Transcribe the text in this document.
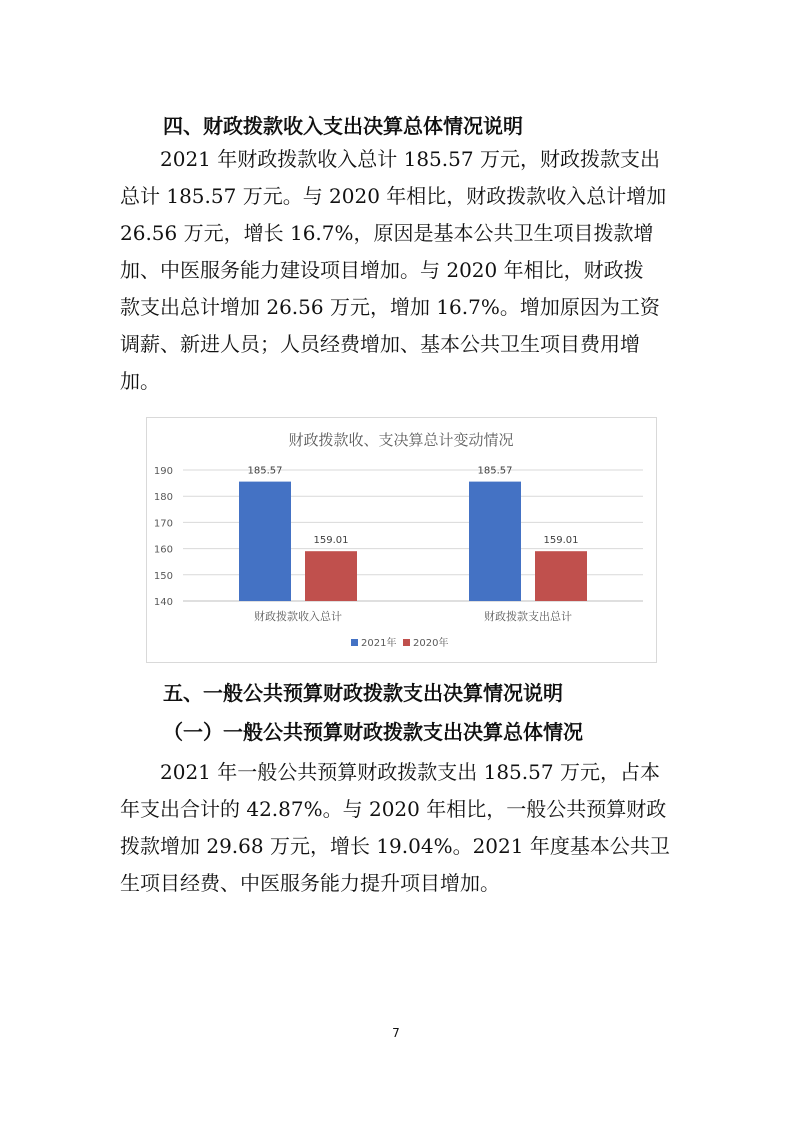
四、财政拨款收入支出决算总体情况说明
2021 年财政拨款收入总计 185.57 万元，财政拨款支出
总计 185.57 万元。与 2020 年相比，财政拨款收入总计增加
26.56 万元，增长 16.7%，原因是基本公共卫生项目拨款增
加、中医服务能力建设项目增加。与 2020 年相比，财政拨
款支出总计增加 26.56 万元，增加 16.7%。增加原因为工资
调薪、新进人员；人员经费增加、基本公共卫生项目费用增
加。
财政拨款收、支决算总计变动情况
190
180
170
160
150
140
185.57	185.57
159.01	159.01
财政拨款收入总计	财政拨款支出总计
2021年 2020年
五、一般公共预算财政拨款支出决算情况说明
（一）一般公共预算财政拨款支出决算总体情况
2021 年一般公共预算财政拨款支出 185.57 万元，占本
年支出合计的 42.87%。与 2020 年相比，一般公共预算财政
拨款增加 29.68 万元，增长 19.04%。2021 年度基本公共卫
生项目经费、中医服务能力提升项目增加。
7
